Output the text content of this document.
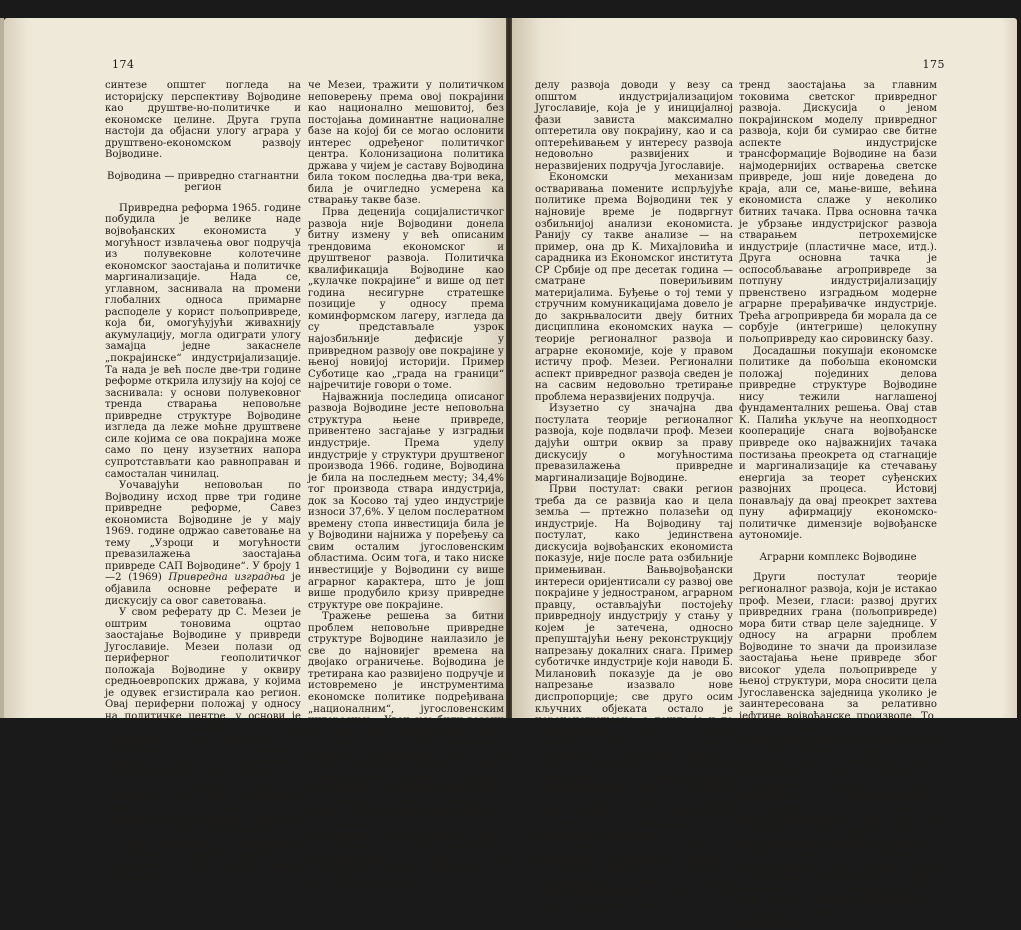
174

синтезе општег погледа на историјску перспективу Војводине као друштве-но-политичке и економске целине. Друга група настоји да објасни улогу аграра у друштвено-економском развоју Војводине.

Војводина — привредно стагнантни
регион

Привредна реформа 1965. године побудила је велике наде војвођанских економиста у могућност извлачења овог подручја из полувековне колотечине економског заостајања и политичке маргинализације. Нада се, углавном, заснивала на промени глобалних односа примарне расподеле у корист пољопривреде, која би, омогућујући живахнију акумулацију, могла одиграти улогу замајца једне закаснеле „покрајинске“ индустријализације. Та нада је већ после двe-три године реформе открила илузију на којој се заснивала: у основи полувековног тренда стварања неповољне привредне структуре Војводине изгледа да леже моћне друштвене силе којима се ова покрајина може само по цену изузетних напора супротстављати као равноправан и самосталан чинилац.

Уочавајући неповољан по Војводину исход прве три године привредне реформе, Савез економиста Војводине је у мају 1969. године одржао саветовање на тему „Узроци и могућности превазилажења заостајања привреде САП Војводине“. У броју 1—2 (1969) Привредна изградња је објавила основне реферате и дискусију са овог саветовања.

У свом реферату др С. Мезеи је оштрим тоновима оцртао заостајање Војводине у привреди Југославије. Мезеи полази од периферног геополитичког положаја Војводине у оквиру средњоевропских држава, у којима је одувек егзистирала као регион. Овај периферни положај у односу на политичке центре, у основи је значио полуколонијални третман Војводине, на што указује и Б. Милановић у свом реферату. Овакав статус се несебично продубио после 1918. године, када је „због несигурног политичког положаја“ из ове покрајине евакуисано мноштво индустријских погона који је изградио европски капитал под утицајем Будимпеште.

Узрок прекида у третирању успешном току индустријализације Војводине до 1918. године треба, како исти-

че Мезеи, тражити у политичком неповерењу према овој покрајини као национално мешовитој, без постојања доминантне националне базе на којој би се могао ослонити интерес одређеног политичког центра. Колонизациона политика држава у чијем је саставу Војводина била током последња два-три века, била је очигледно усмерена ка стварању такве базе.

Прва децениja социјалистичког развоја није Војводини донела битну измену у већ описаним трендовима економског и друштвеног развоја. Политичка квалификација Војводине као „кулачке покрајине“ и више од пет година несигурне стратешке позиције у односу према коминформском лагеру, изгледа да су представљале узрок најозбиљније дефисије у привредном развоју ове покрајине у њеној новијој историји. Пример Суботице као „града на граници“ најречитије говори о томе.

Најважнија последица описаног развоја Војводине јесте неповољна структура њене привреде, привентено засгајање у изградњи индустрије. Према удeлу индустрије у структури друштвеног производа 1966. године, Војводина је била на последњем месту; 34,4% тог производа ствара индустрија, док за Косово тај удео индустрије износи 37,6%. У целом послератном времену стопа инвестиција била је у Војводини најнижа у поређењу са свим осталим југословенским областима. Осим тога, и тако ниске инвестиције у Војводини су више аграрног карактера, што је још више продубило кризу привредне структуре ове покрајине.

Тражење решења за битни проблем неповољне привредне структуре Војводине наилазило је све до најновијег времена на двојако ограничење. Војводина је третирана као развијено подручје и истовремено је инструментима економске политике подређивана „националним“, југословенским интересима. „Увек смо били везани за неке мере, инструменте, неку политику, за неко решавање, додавање, одузимање, итд.“. Ове речи И. Рајачића указују на битну противречност између стварних економских могућности Војводине као региона на маргини развоја, са једне стране, и њеног покрајинског постављања политички и економски, које се у суштини могу окарактерисати као двострука експлоатација. Мезеи тај истpајујући статус Војводине у југословенском мо-

175

делу развоја доводи у везу са општом индустријализацијом Југославије, која је у иницијалној фази зависта максимално оптеретила ову покрајину, као и са оптерећивањем у интересу развоја недовољно развијених и неразвијених подручја Југославије.

Економски механизам остваривања помените испрљујуће политике према Војводини тек у најновије време је подвргнут озбиљнијој анализи економиста. Ранију су такве анализе — на пример, она др К. Михајловића и сарадника из Економског института СР Србије од пре десетак година — сматране повериљивим материјалима. Буђење о тој теми у стручним комуникацијама довело је до закрњвалосити двеју битних дисциплина економских наука — теорије регионалног развоја и аграрне економије, које у правом истичу проф. Мезеи. Регионални аспект привредног развоја сведен је на сасвим недовољно третирање проблема неразвијених подручја.

Изузетно су значајна два постулата теорије регионалног развоја, које подвлачи проф. Мезеи дајући оштри оквир за прaву дискусију о могућностима превазилажења привредне маргинализације Војводине.

Први постулат: сваки регион треба да се развија као и цела земља — пртежно полазећи од индустрије. На Војводину тај постулат, како јединствена дискусија војвођанских економиста показује, није после рата озбиљније примењиван. Вањвојвођански интереси оријентисали су развој ове покрајине у једностраном, аграрном правцу, остављајући постојећу привредноју индустрију у стању у којем је затечена, односно препуштајући њену реконструкцију напрезању докалних снага. Пример суботичке индустрије који наводи Б. Милановић показује да је ово напрезање изазвало нове диспропорције; све друго осим кључних објеката остало је нереконструисано, а дошло је и до занемаривања свих осталих привредних области. Овај покушај ослањања на сопствене снаге у циљу одупирања дејствима механизма перманентног осиромашавања, тока је између 1956. и 1965. године и углавном није довео до озбиљнијих структурних побољшања у војвођанској привреди.

Излазак из описане ситуације војвођански економисти траже у два правца. Основни је, неспорно, остваривање новог таласа индустријализације који би прекинуо полувековни

тренд заостајања за главним токовима светског привредног развоја. Дискусија о јеном покрајинском моделу привредног развоја, који би сумирао све битне аспекте индустријске трансформације Војводине на бази најмодернијих остварења светске привреде, још није доведена до краја, али се, мање-више, већина економиста слаже у неколико битних тачака. Прва оснoвна тачка је убрзање индустријског развоја стварањем петрохемијске индустрије (пластичне масе, итд.). Друга основна тачка је оспособљавање агропривреде за потпуну индустријализацију првенствено изградњом модерне аграрне прерађивачке индустрије. Трећа агропривреда би морала да се сорбује (интегрише) целокупну пољопривреду као сировинску базу.

Досадашњи покушаји економске политике да побољша економски положај појединих делова привредне структуре Војводине нису тежили наглашеној фундаменталних решења. Овај став К. Палића укључе на неопходност кооперације снага војвођанске привреде око најважнијих тачака постизања преокрета од стагнације и маргинализације ка стечавању енергија за теорет суђенских развојних процеса. Истовиј понављају да овај преокрет захтева пуну афирмацију економско-политичке димензије војвођанске аутономије.

Аграрни комплекс Војводине

Други постулат теорије регионалног развоја, који је истакао проф. Мезеи, гласи: развој других привредних грана (пољопривреде) мора бити ствар целе заједнице. У односу на аграрни проблем Војводине то значи да произилазе заостајања њене привреде због високог удела пољопривреде у њеној структури, мора сносити цела Југославенска заједница уколико је заинтересована за релативно јефтине војвођанске производе. То, такође, значи да се мора прихватити једно од два решења: да се мора прихватити једно од два решења: да се заостанак целе економске политике решења за одређивање економског положаја Војводине. Субвенционисање пољопривреде и улагања у индустријализацију, која треба да ослободи вишкове радне снаге из пољопривреде како би се постепено могле сманити и субвенције пољопривреди. Ово, у ствари, значи признавање Војводини статуса региона на ивици неразвијености. Или такав положај агропривреде у примарној расподели, који не обезбедити а-
